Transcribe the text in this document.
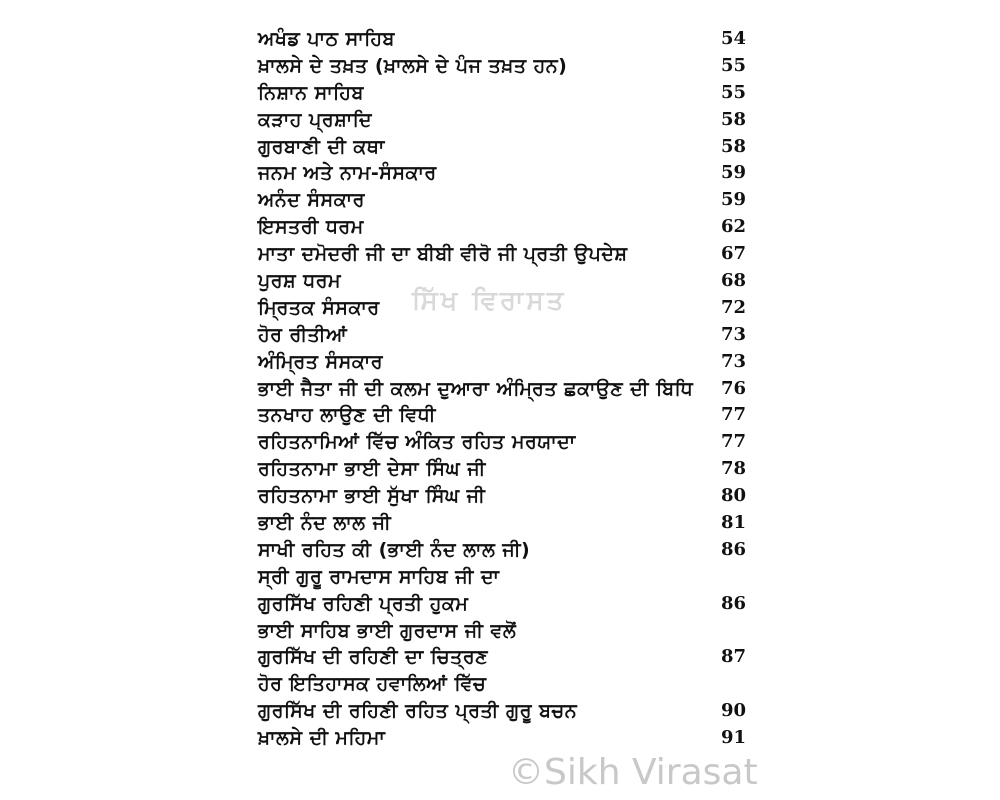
ਅਖੰਡ ਪਾਠ ਸਾਹਿਬ	54
ਖ਼ਾਲਸੇ ਦੇ ਤਖ਼ਤ (ਖ਼ਾਲਸੇ ਦੇ ਪੰਜ ਤਖ਼ਤ ਹਨ)	55
ਨਿਸ਼ਾਨ ਸਾਹਿਬ	55
ਕੜਾਹ ਪ੍ਰਸ਼ਾਦਿ	58
ਗੁਰਬਾਣੀ ਦੀ ਕਥਾ	58
ਜਨਮ ਅਤੇ ਨਾਮ-ਸੰਸਕਾਰ	59
ਅਨੰਦ ਸੰਸਕਾਰ	59
ਇਸਤਰੀ ਧਰਮ	62
ਮਾਤਾ ਦਮੋਦਰੀ ਜੀ ਦਾ ਬੀਬੀ ਵੀਰੋ ਜੀ ਪ੍ਰਤੀ ਉਪਦੇਸ਼	67
ਪੁਰਸ਼ ਧਰਮ	68
ਮ੍ਰਿਤਕ ਸੰਸਕਾਰ	72
ਹੋਰ ਰੀਤੀਆਂ	73
ਅੰਮ੍ਰਿਤ ਸੰਸਕਾਰ	73
ਭਾਈ ਜੈਤਾ ਜੀ ਦੀ ਕਲਮ ਦੁਆਰਾ ਅੰਮ੍ਰਿਤ ਛਕਾਉਣ ਦੀ ਬਿਧਿ 76
ਤਨਖਾਹ ਲਾਉਣ ਦੀ ਵਿਧੀ	77
ਰਹਿਤਨਾਮਿਆਂ ਵਿੱਚ ਅੰਕਿਤ ਰਹਿਤ ਮਰਯਾਦਾ	77
ਰਹਿਤਨਾਮਾ ਭਾਈ ਦੇਸਾ ਸਿੰਘ ਜੀ	78
ਰਹਿਤਨਾਮਾ ਭਾਈ ਸੁੱਖਾ ਸਿੰਘ ਜੀ	80
ਭਾਈ ਨੰਦ ਲਾਲ ਜੀ	81
ਸਾਖੀ ਰਹਿਤ ਕੀ (ਭਾਈ ਨੰਦ ਲਾਲ ਜੀ)	86
ਸ੍ਰੀ ਗੁਰੂ ਰਾਮਦਾਸ ਸਾਹਿਬ ਜੀ ਦਾ
ਗੁਰਸਿੱਖ ਰਹਿਣੀ ਪ੍ਰਤੀ ਹੁਕਮ	86
ਭਾਈ ਸਾਹਿਬ ਭਾਈ ਗੁਰਦਾਸ ਜੀ ਵਲੋਂ
ਗੁਰਸਿੱਖ ਦੀ ਰਹਿਣੀ ਦਾ ਚਿਤ੍ਰਣ	87
ਹੋਰ ਇਤਿਹਾਸਕ ਹਵਾਲਿਆਂ ਵਿੱਚ
ਗੁਰਸਿੱਖ ਦੀ ਰਹਿਣੀ ਰਹਿਤ ਪ੍ਰਤੀ ਗੁਰੂ ਬਚਨ	90
ਖ਼ਾਲਸੇ ਦੀ ਮਹਿਮਾ	91
ਸਿੱਖ ਵਿਰਾਸਤ
©Sikh Virasat
